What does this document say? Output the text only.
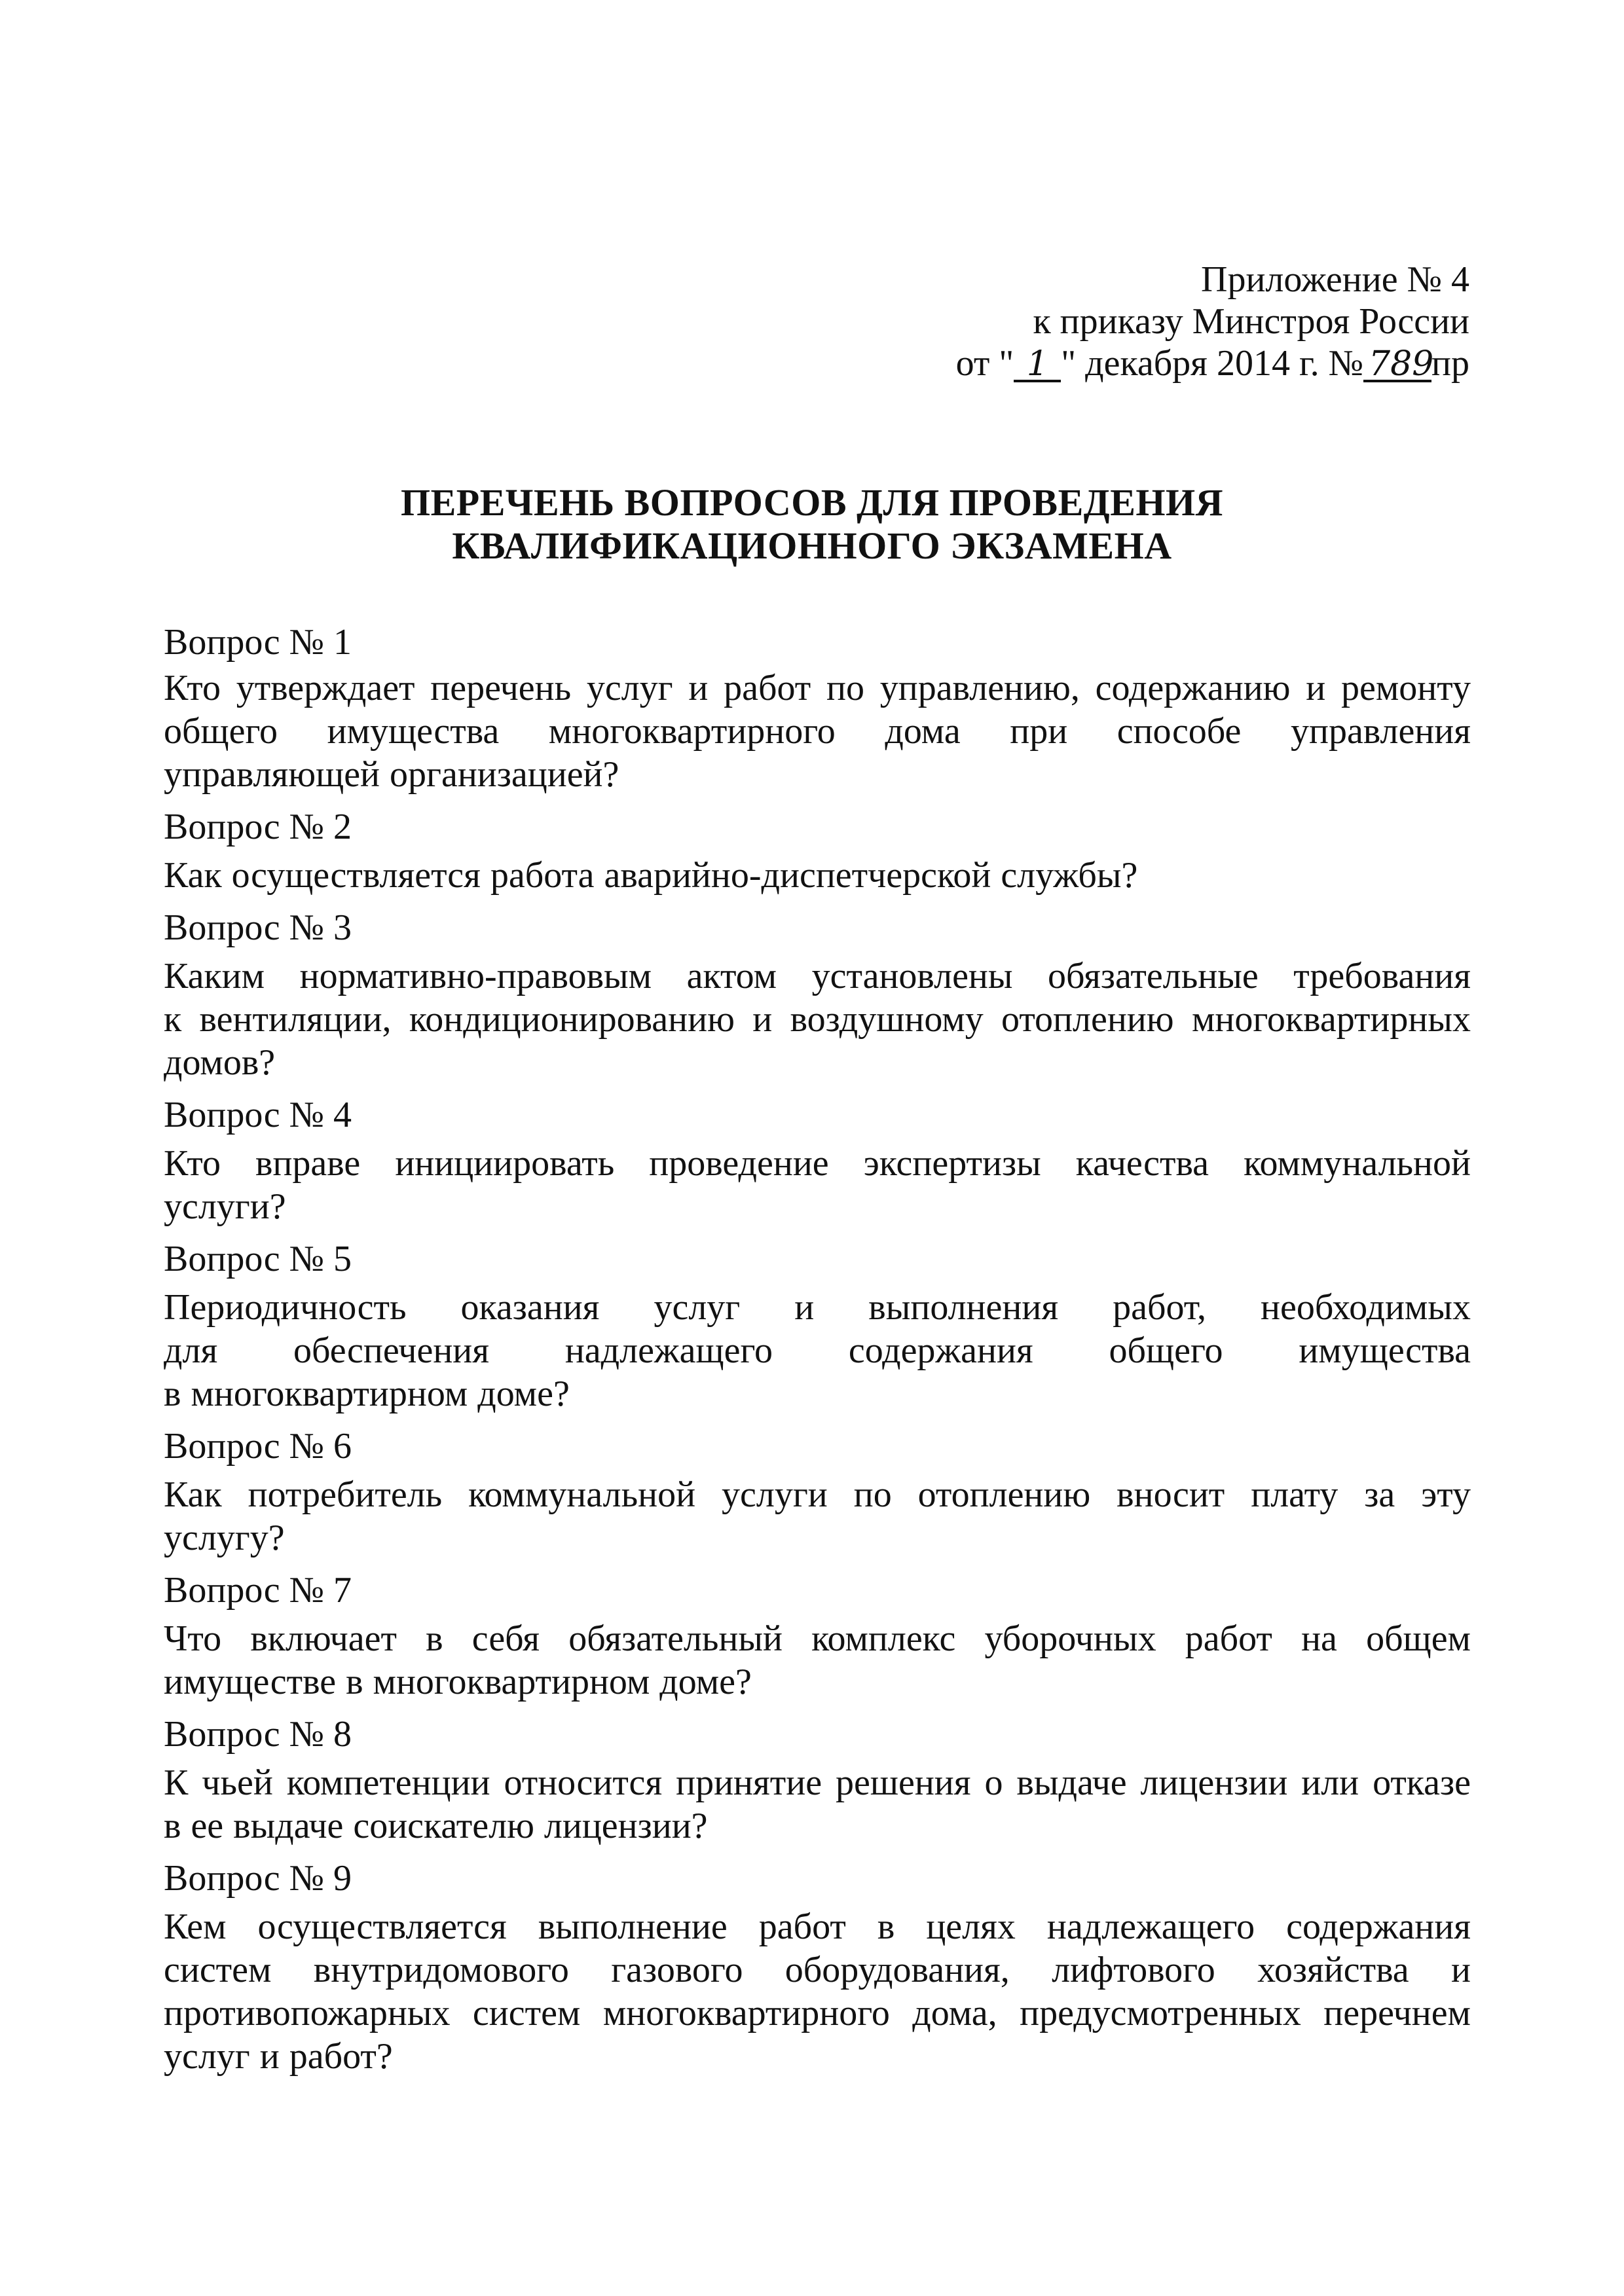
Приложение № 4
к приказу Минстроя России
от " 1 " декабря 2014 г. № 789пр
ПЕРЕЧЕНЬ ВОПРОСОВ ДЛЯ ПРОВЕДЕНИЯ
КВАЛИФИКАЦИОННОГО ЭКЗАМЕНА

Вопрос № 1

Кто утверждает перечень услуг и работ по управлению, содержанию и ремонту
общего имущества многоквартирного дома при способе управления
управляющей организацией?

Вопрос № 2

Как осуществляется работа аварийно-диспетчерской службы?

Вопрос № 3

Каким нормативно-правовым актом установлены обязательные требования
к вентиляции, кондиционированию и воздушному отоплению многоквартирных
домов?

Вопрос № 4

Кто вправе инициировать проведение экспертизы качества коммунальной
услуги?

Вопрос № 5

Периодичность оказания услуг и выполнения работ, необходимых
для обеспечения надлежащего содержания общего имущества
в многоквартирном доме?

Вопрос № 6

Как потребитель коммунальной услуги по отоплению вносит плату за эту
услугу?

Вопрос № 7

Что включает в себя обязательный комплекс уборочных работ на общем
имуществе в многоквартирном доме?

Вопрос № 8

К чьей компетенции относится принятие решения о выдаче лицензии или отказе
в ее выдаче соискателю лицензии?

Вопрос № 9

Кем осуществляется выполнение работ в целях надлежащего содержания
систем внутридомового газового оборудования, лифтового хозяйства и
противопожарных систем многоквартирного дома, предусмотренных перечнем
услуг и работ?
